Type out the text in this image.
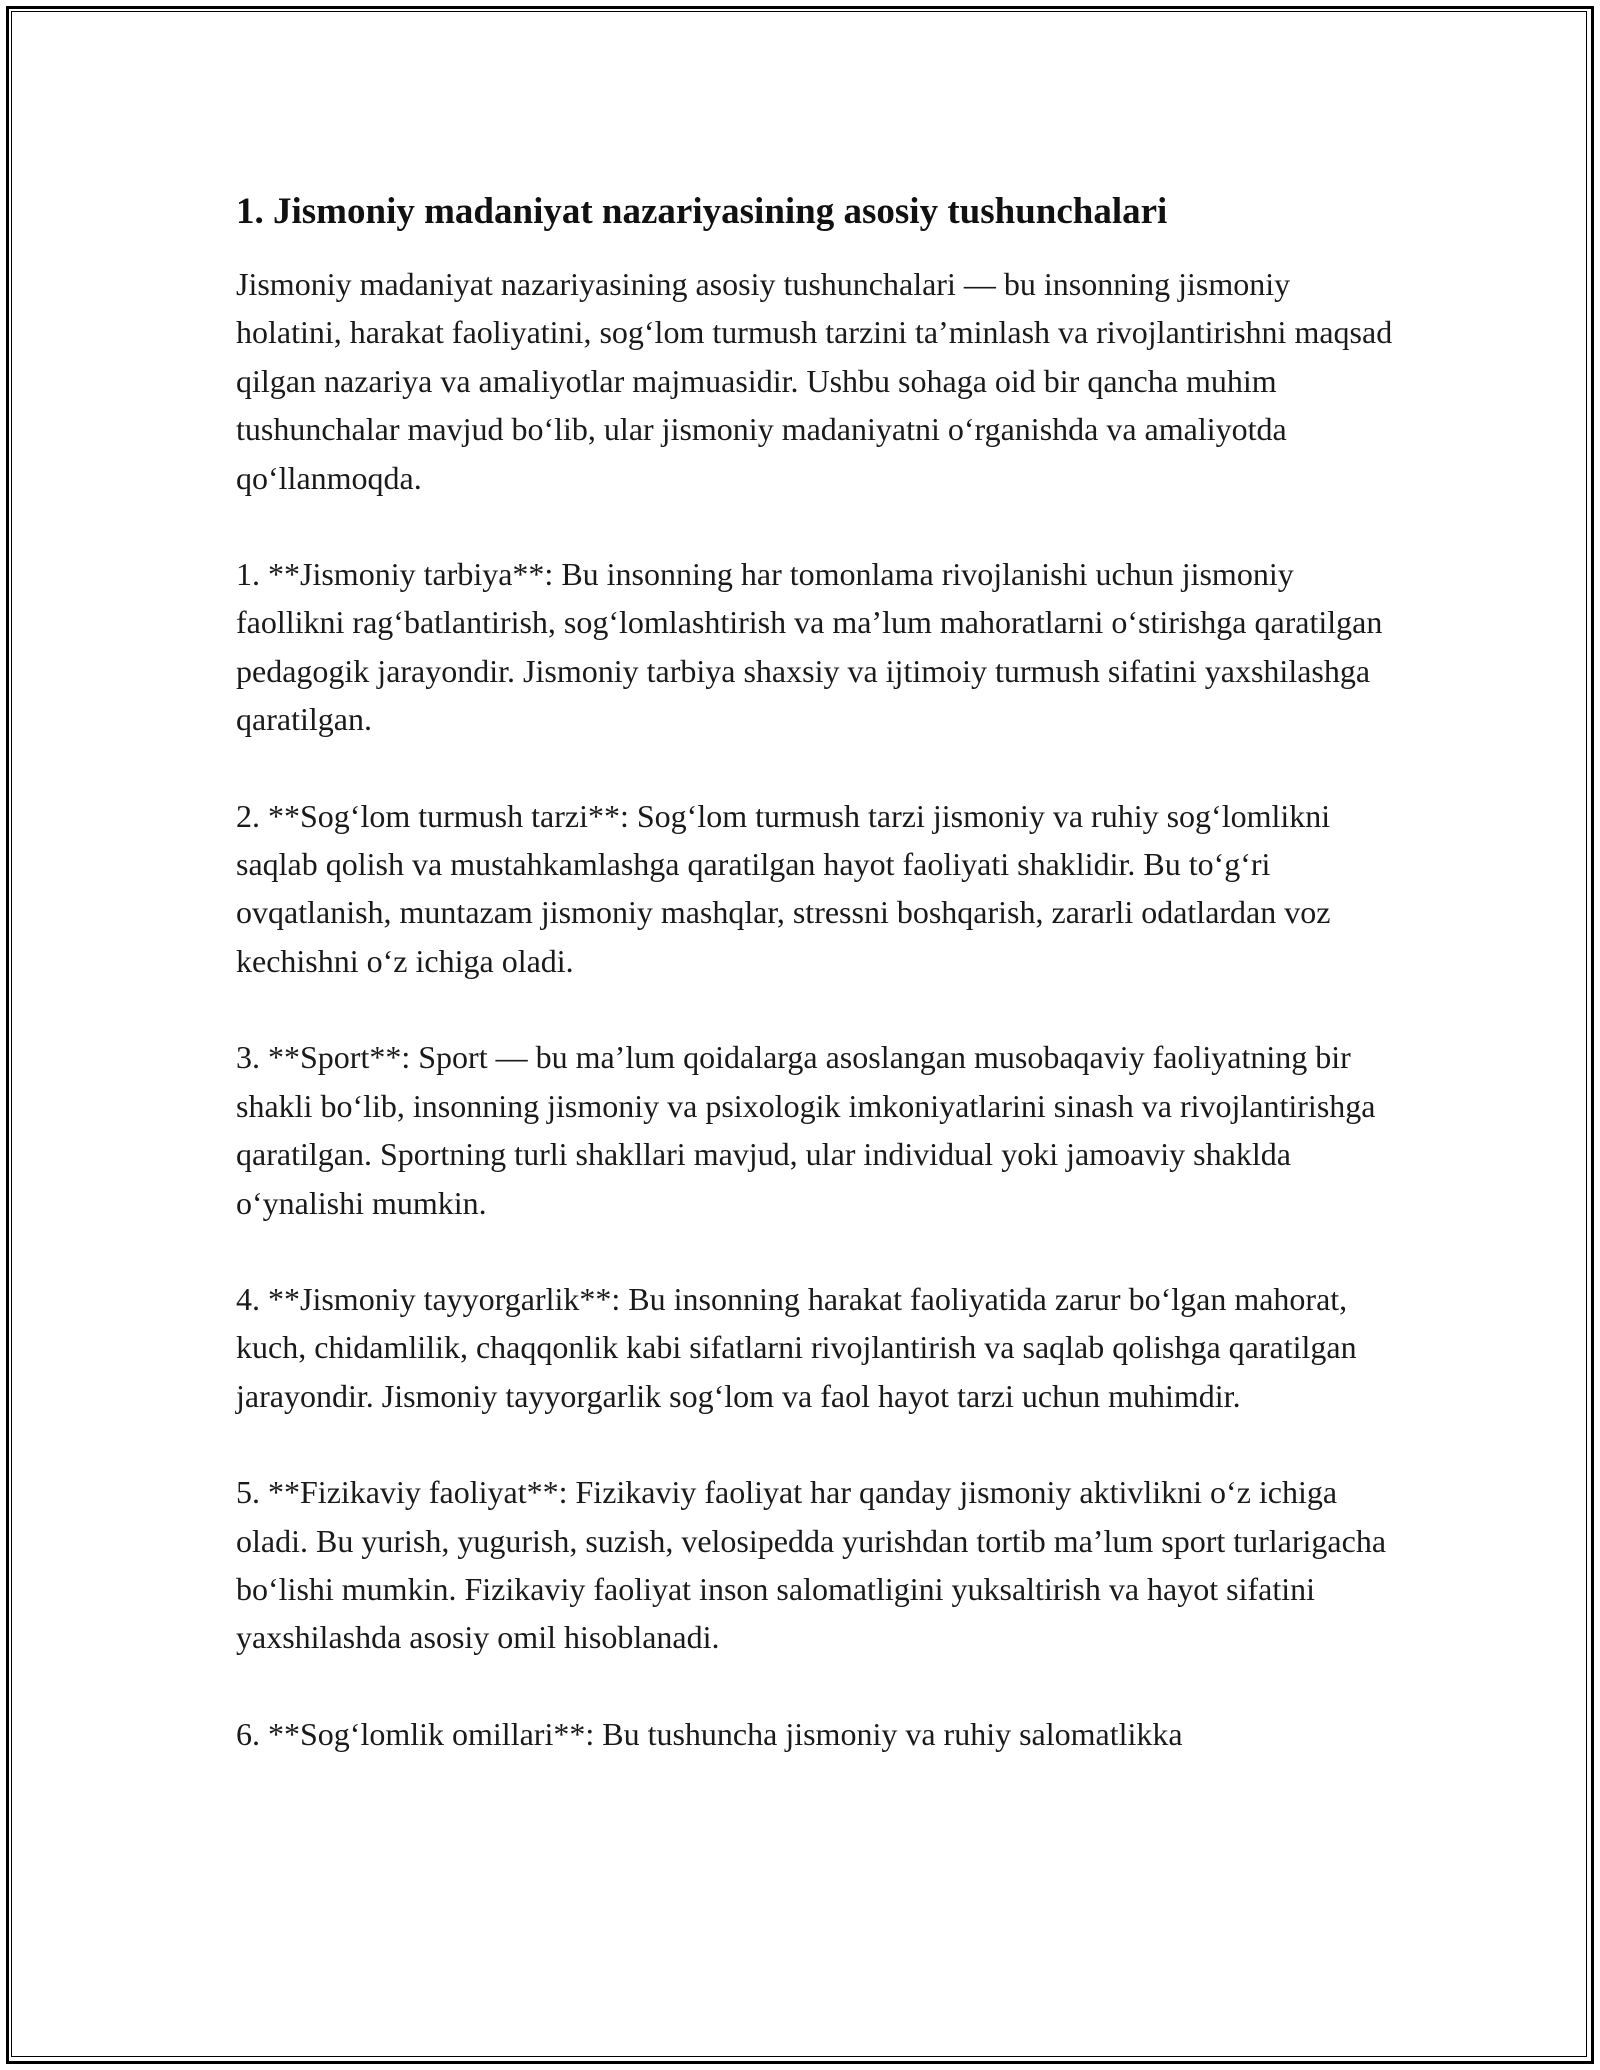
1. Jismoniy madaniyat nazariyasining asosiy tushunchalari

Jismoniy madaniyat nazariyasining asosiy tushunchalari — bu insonning jismoniy holatini, harakat faoliyatini, sog‘lom turmush tarzini ta’minlash va rivojlantirishni maqsad qilgan nazariya va amaliyotlar majmuasidir. Ushbu sohaga oid bir qancha muhim tushunchalar mavjud bo‘lib, ular jismoniy madaniyatni o‘rganishda va amaliyotda qo‘llanmoqda.

1. **Jismoniy tarbiya**: Bu insonning har tomonlama rivojlanishi uchun jismoniy faollikni rag‘batlantirish, sog‘lomlashtirish va ma’lum mahoratlarni o‘stirishga qaratilgan pedagogik jarayondir. Jismoniy tarbiya shaxsiy va ijtimoiy turmush sifatini yaxshilashga qaratilgan.

2. **Sog‘lom turmush tarzi**: Sog‘lom turmush tarzi jismoniy va ruhiy sog‘lomlikni saqlab qolish va mustahkamlashga qaratilgan hayot faoliyati shaklidir. Bu to‘g‘ri ovqatlanish, muntazam jismoniy mashqlar, stressni boshqarish, zararli odatlardan voz kechishni o‘z ichiga oladi.

3. **Sport**: Sport — bu ma’lum qoidalarga asoslangan musobaqaviy faoliyatning bir shakli bo‘lib, insonning jismoniy va psixologik imkoniyatlarini sinash va rivojlantirishga qaratilgan. Sportning turli shakllari mavjud, ular individual yoki jamoaviy shaklda o‘ynalishi mumkin.

4. **Jismoniy tayyorgarlik**: Bu insonning harakat faoliyatida zarur bo‘lgan mahorat, kuch, chidamlilik, chaqqonlik kabi sifatlarni rivojlantirish va saqlab qolishga qaratilgan jarayondir. Jismoniy tayyorgarlik sog‘lom va faol hayot tarzi uchun muhimdir.

5. **Fizikaviy faoliyat**: Fizikaviy faoliyat har qanday jismoniy aktivlikni o‘z ichiga oladi. Bu yurish, yugurish, suzish, velosipedda yurishdan tortib ma’lum sport turlarigacha bo‘lishi mumkin. Fizikaviy faoliyat inson salomatligini yuksaltirish va hayot sifatini yaxshilashda asosiy omil hisoblanadi.

6. **Sog‘lomlik omillari**: Bu tushuncha jismoniy va ruhiy salomatlikka
